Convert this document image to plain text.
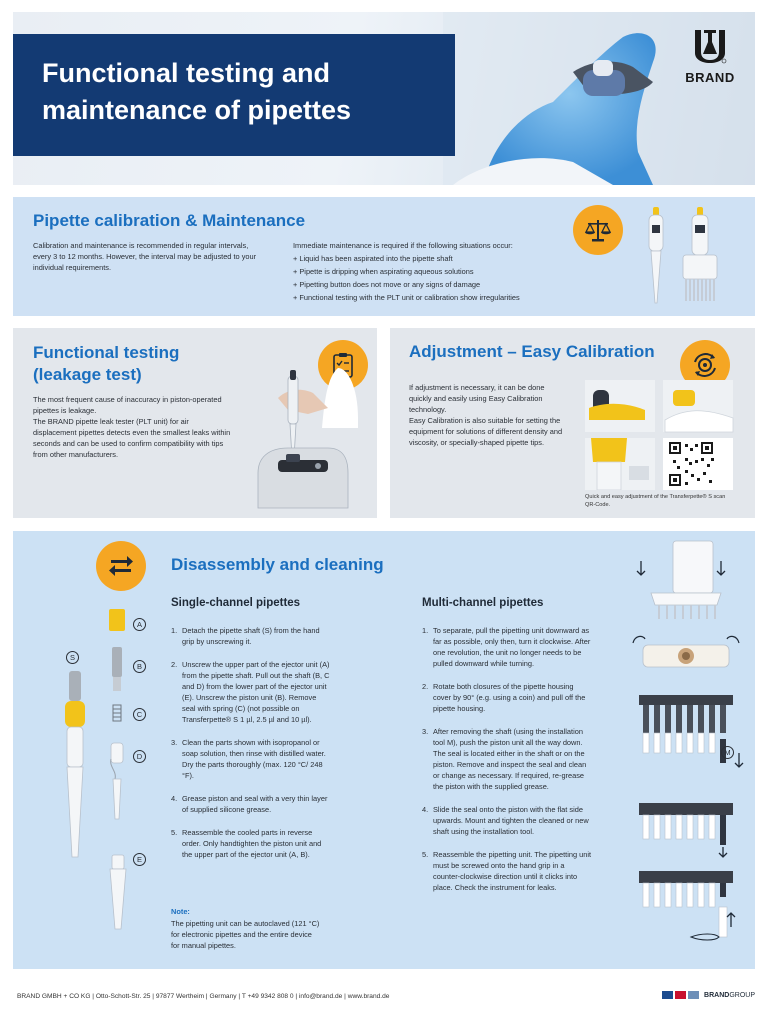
Functional testing and
maintenance of pipettes
BRAND
Pipette calibration & Maintenance
Calibration and maintenance is recommended in regular intervals, every 3 to 12 months. However, the interval may be adjusted to your individual requirements.
Immediate maintenance is required if the following situations occur:
+ Liquid has been aspirated into the pipette shaft
+ Pipette is dripping when aspirating aqueous solutions
+ Pipetting button does not move or any signs of damage
+ Functional testing with the PLT unit or calibration show irregularities
Functional testing
(leakage test)
The most frequent cause of inaccuracy in piston-operated pipettes is leakage.
The BRAND pipette leak tester (PLT unit) for air displacement pipettes detects even the smallest leaks within seconds and can be used to confirm compatibility with tips from other manufacturers.
Adjustment – Easy Calibration
If adjustment is necessary, it can be done quickly and easily using Easy Calibration technology.
Easy Calibration is also suitable for setting the equipment for solutions of different density and viscosity, or specially-shaped pipette tips.
Quick and easy adjustment of the Transferpette® S scan QR-Code.
Disassembly and cleaning
S
A
B
C
D
E
Single-channel pipettes
1. Detach the pipette shaft (S) from the hand grip by unscrewing it.
2. Unscrew the upper part of the ejector unit (A) from the pipette shaft. Pull out the shaft (B, C and D) from the lower part of the ejector unit (E). Unscrew the piston unit (B). Remove seal with spring (C) (not possible on Transferpette® S 1 µl, 2.5 µl and 10 µl).
3. Clean the parts shown with isopropanol or soap solution, then rinse with distilled water. Dry the parts thoroughly (max. 120 °C/ 248 °F).
4. Grease piston and seal with a very thin layer of supplied silicone grease.
5. Reassemble the cooled parts in reverse order. Only handtighten the piston unit and the upper part of the ejector unit (A, B).
Note:
The pipetting unit can be autoclaved (121 °C) for electronic pipettes and the entire device for manual pipettes.
Multi-channel pipettes
1. To separate, pull the pipetting unit downward as far as possible, only then, turn it clockwise. After one revolution, the unit no longer needs to be pulled downward while turning.
2. Rotate both closures of the pipette housing cover by 90° (e.g. using a coin) and pull off the pipette housing.
3. After removing the shaft (using the installation tool M), push the piston unit all the way down. The seal is located either in the shaft or on the piston. Remove and inspect the seal and clean or change as necessary. If required, re-grease the piston with the supplied grease.
4. Slide the seal onto the piston with the flat side upwards. Mount and tighten the cleaned or new shaft using the installation tool.
5. Reassemble the pipetting unit. The pipetting unit must be screwed onto the hand grip in a counter-clockwise direction until it clicks into place. Check the instrument for leaks.
M
BRAND GMBH + CO KG | Otto-Schott-Str. 25 | 97877 Wertheim | Germany | T +49 9342 808 0 | info@brand.de | www.brand.de	BRANDGROUP
